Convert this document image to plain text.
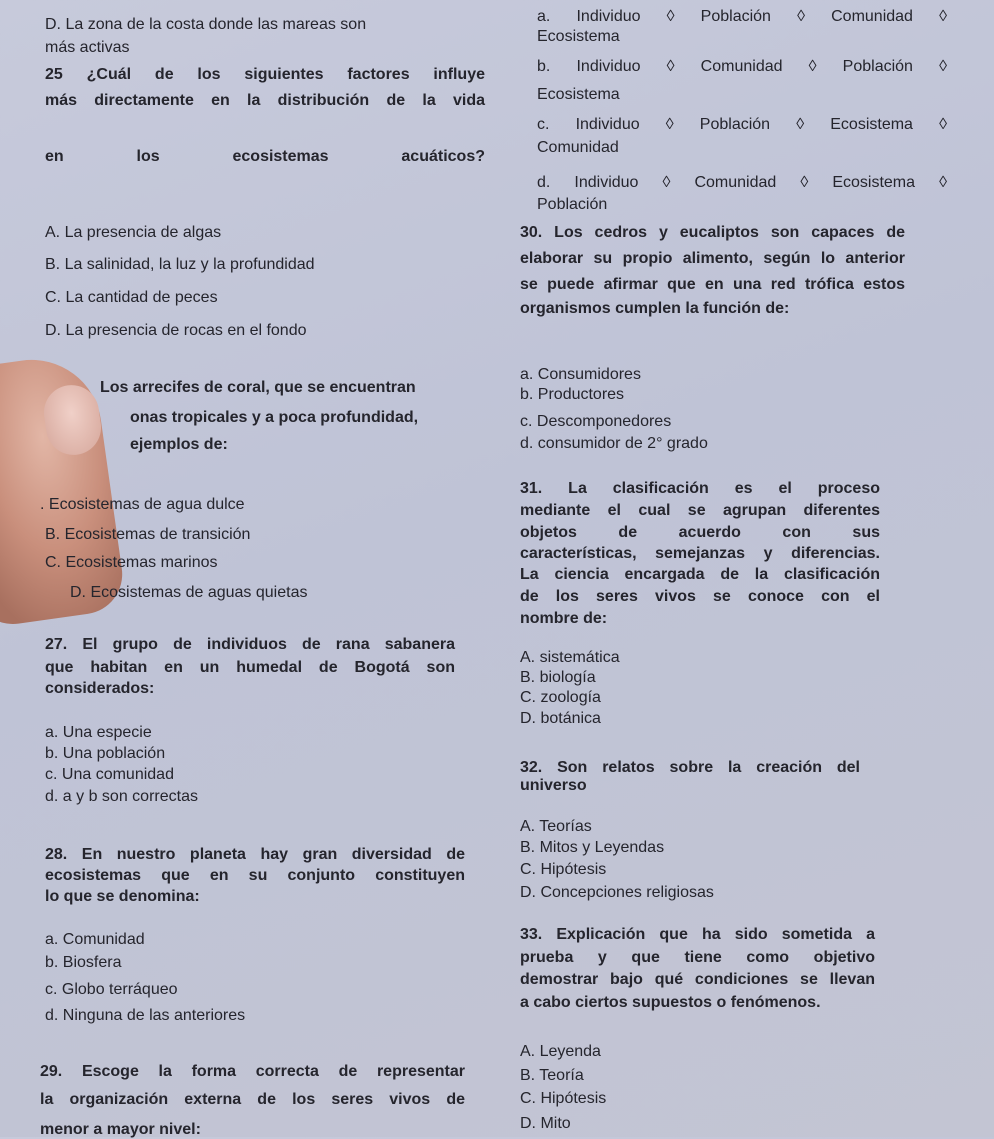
D. La zona de la costa donde las mareas son
más activas
25 ¿Cuál de los siguientes factores influye
más directamente en la distribución de la vida
en los ecosistemas acuáticos?
A. La presencia de algas
B. La salinidad, la luz y la profundidad
C. La cantidad de peces
D. La presencia de rocas en el fondo
Los arrecifes de coral, que se encuentran
onas tropicales y a poca profundidad,
ejemplos de:
. Ecosistemas de agua dulce
B. Ecosistemas de transición
C. Ecosistemas marinos
D. Ecosistemas de aguas quietas
27. El grupo de individuos de rana sabanera
que habitan en un humedal de Bogotá son
considerados:
a. Una especie
b. Una población
c. Una comunidad
d. a y b son correctas
28. En nuestro planeta hay gran diversidad de
ecosistemas que en su conjunto constituyen
lo que se denomina:
a. Comunidad
b. Biosfera
c. Globo terráqueo
d. Ninguna de las anteriores
29. Escoge la forma correcta de representar
la organización externa de los seres vivos de
menor a mayor nivel:
a. Individuo ◊ Población ◊ Comunidad ◊
Ecosistema
b. Individuo ◊ Comunidad ◊ Población ◊
Ecosistema
c. Individuo ◊ Población ◊ Ecosistema ◊
Comunidad
d. Individuo ◊ Comunidad ◊ Ecosistema ◊
Población
30. Los cedros y eucaliptos son capaces de
elaborar su propio alimento, según lo anterior
se puede afirmar que en una red trófica estos
organismos cumplen la función de:
a. Consumidores
b. Productores
c. Descomponedores
d. consumidor de 2° grado
31. La clasificación es el proceso
mediante el cual se agrupan diferentes
objetos de acuerdo con sus
características, semejanzas y diferencias.
La ciencia encargada de la clasificación
de los seres vivos se conoce con el
nombre de:
A. sistemática
B. biología
C. zoología
D. botánica
32. Son relatos sobre la creación del
universo
A. Teorías
B. Mitos y Leyendas
C. Hipótesis
D. Concepciones religiosas
33. Explicación que ha sido sometida a
prueba y que tiene como objetivo
demostrar bajo qué condiciones se llevan
a cabo ciertos supuestos o fenómenos.
A. Leyenda
B. Teoría
C. Hipótesis
D. Mito
